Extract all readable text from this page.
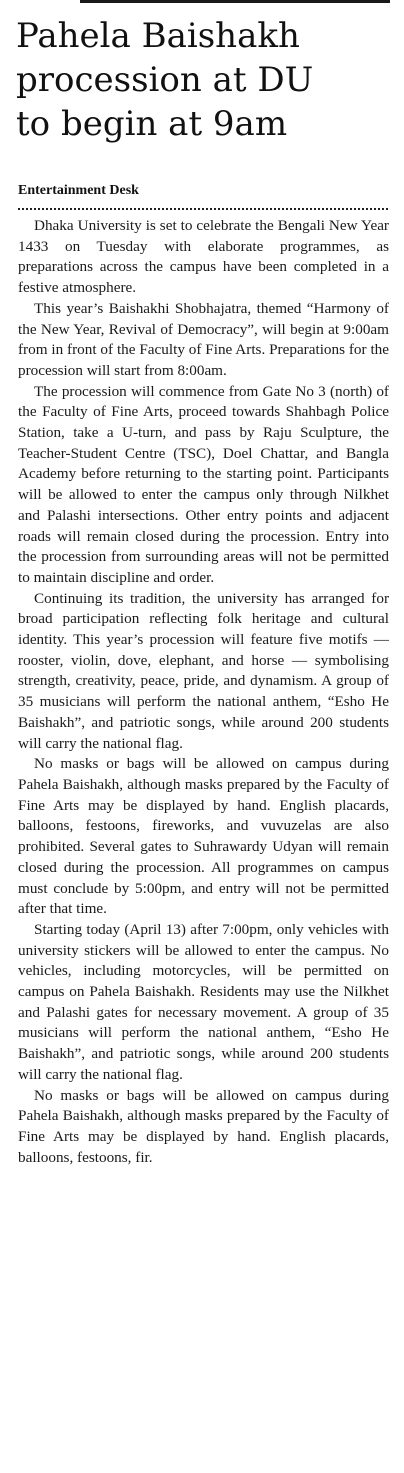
Pahela Baishakh
procession at DU
to begin at 9am
Entertainment Desk

Dhaka University is set to celebrate the Bengali New Year 1433 on Tuesday with elaborate programmes, as preparations across the campus have been completed in a festive atmosphere.

This year’s Baishakhi Shobhajatra, themed “Harmony of the New Year, Revival of Democracy”, will begin at 9:00am from in front of the Faculty of Fine Arts. Preparations for the procession will start from 8:00am.

The procession will commence from Gate No 3 (north) of the Faculty of Fine Arts, proceed towards Shahbagh Police Station, take a U-turn, and pass by Raju Sculpture, the Teacher-Student Centre (TSC), Doel Chattar, and Bangla Academy before returning to the starting point. Participants will be allowed to enter the campus only through Nilkhet and Palashi intersections. Other entry points and adjacent roads will remain closed during the procession. Entry into the procession from surrounding areas will not be permitted to maintain discipline and order.

Continuing its tradition, the university has arranged for broad participation reflecting folk heritage and cultural identity. This year’s procession will feature five motifs — rooster, violin, dove, elephant, and horse — symbolising strength, creativity, peace, pride, and dynamism. A group of 35 musicians will perform the national anthem, “Esho He Baishakh”, and patriotic songs, while around 200 students will carry the national flag.

No masks or bags will be allowed on campus during Pahela Baishakh, although masks prepared by the Faculty of Fine Arts may be displayed by hand. English placards, balloons, festoons, fireworks, and vuvuzelas are also prohibited. Several gates to Suhrawardy Udyan will remain closed during the procession. All programmes on campus must conclude by 5:00pm, and entry will not be permitted after that time.

Starting today (April 13) after 7:00pm, only vehicles with university stickers will be allowed to enter the campus. No vehicles, including motorcycles, will be permitted on campus on Pahela Baishakh. Residents may use the Nilkhet and Palashi gates for necessary movement. A group of 35 musicians will perform the national anthem, “Esho He Baishakh”, and patriotic songs, while around 200 students will carry the national flag.

No masks or bags will be allowed on campus during Pahela Baishakh, although masks prepared by the Faculty of Fine Arts may be displayed by hand. English placards, balloons, festoons, fir.
